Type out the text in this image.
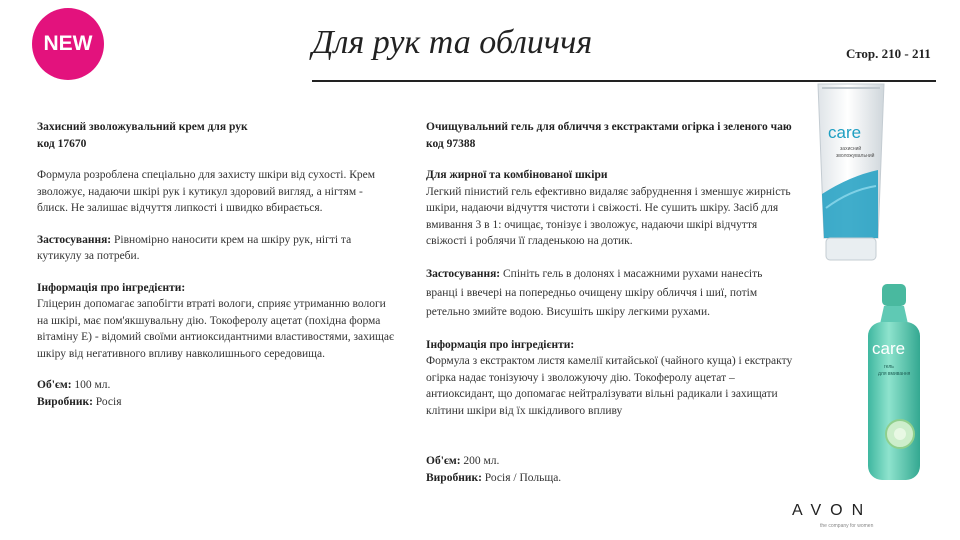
NEW	Для рук та обличчя	Стор. 210 - 211

Захисний зволожувальний крем для рук
код 17670

Формула розроблена спеціально для захисту шкіри від сухості. Крем зволожує, надаючи шкірі рук і кутикул здоровий вигляд, а нігтям - блиск. Не залишає відчуття липкості і швидко вбирається.

Застосування: Рівномірно наносити крем на шкіру рук, нігті та кутикулу за потреби.

Інформація про інгредієнти:
Гліцерин допомагає запобігти втраті вологи, сприяє утриманню вологи на шкірі, має пом'якшувальну дію. Токоферолу ацетат (похідна форма вітаміну Е) - відомий своїми антиоксидантними властивостями, захищає шкіру від негативного впливу навколишнього середовища.

Об'єм: 100 мл.
Виробник: Росія

Очищувальний гель для обличчя з екстрактами огірка і зеленого чаю
код 97388

Для жирної та комбінованої шкіри
Легкий пінистий гель ефективно видаляє забруднення і зменшує жирність шкіри, надаючи відчуття чистоти і свіжості. Не сушить шкіру. Засіб для вмивання 3 в 1: очищає, тонізує і зволожує, надаючи шкірі відчуття свіжості і роблячи її гладенькою на дотик.

Застосування: Спініть гель в долонях і масажними рухами нанесіть вранці і ввечері на попередньо очищену шкіру обличчя і шиї, потім ретельно змийте водою. Висушіть шкіру легкими рухами.

Інформація про інгредієнти:
Формула з екстрактом листя камелії китайської (чайного куща) і екстракту огірка надає тонізуючу і зволожуючу дію. Токоферолу ацетат – антиоксидант, що допомагає нейтралізувати вільні радикали і захищати клітини шкіри від їх шкідливого впливу

Об'єм: 200 мл.
Виробник: Росія / Польща.

care
захисний
зволожувальний
care
гель
для вмивання
AVON
the company for women
